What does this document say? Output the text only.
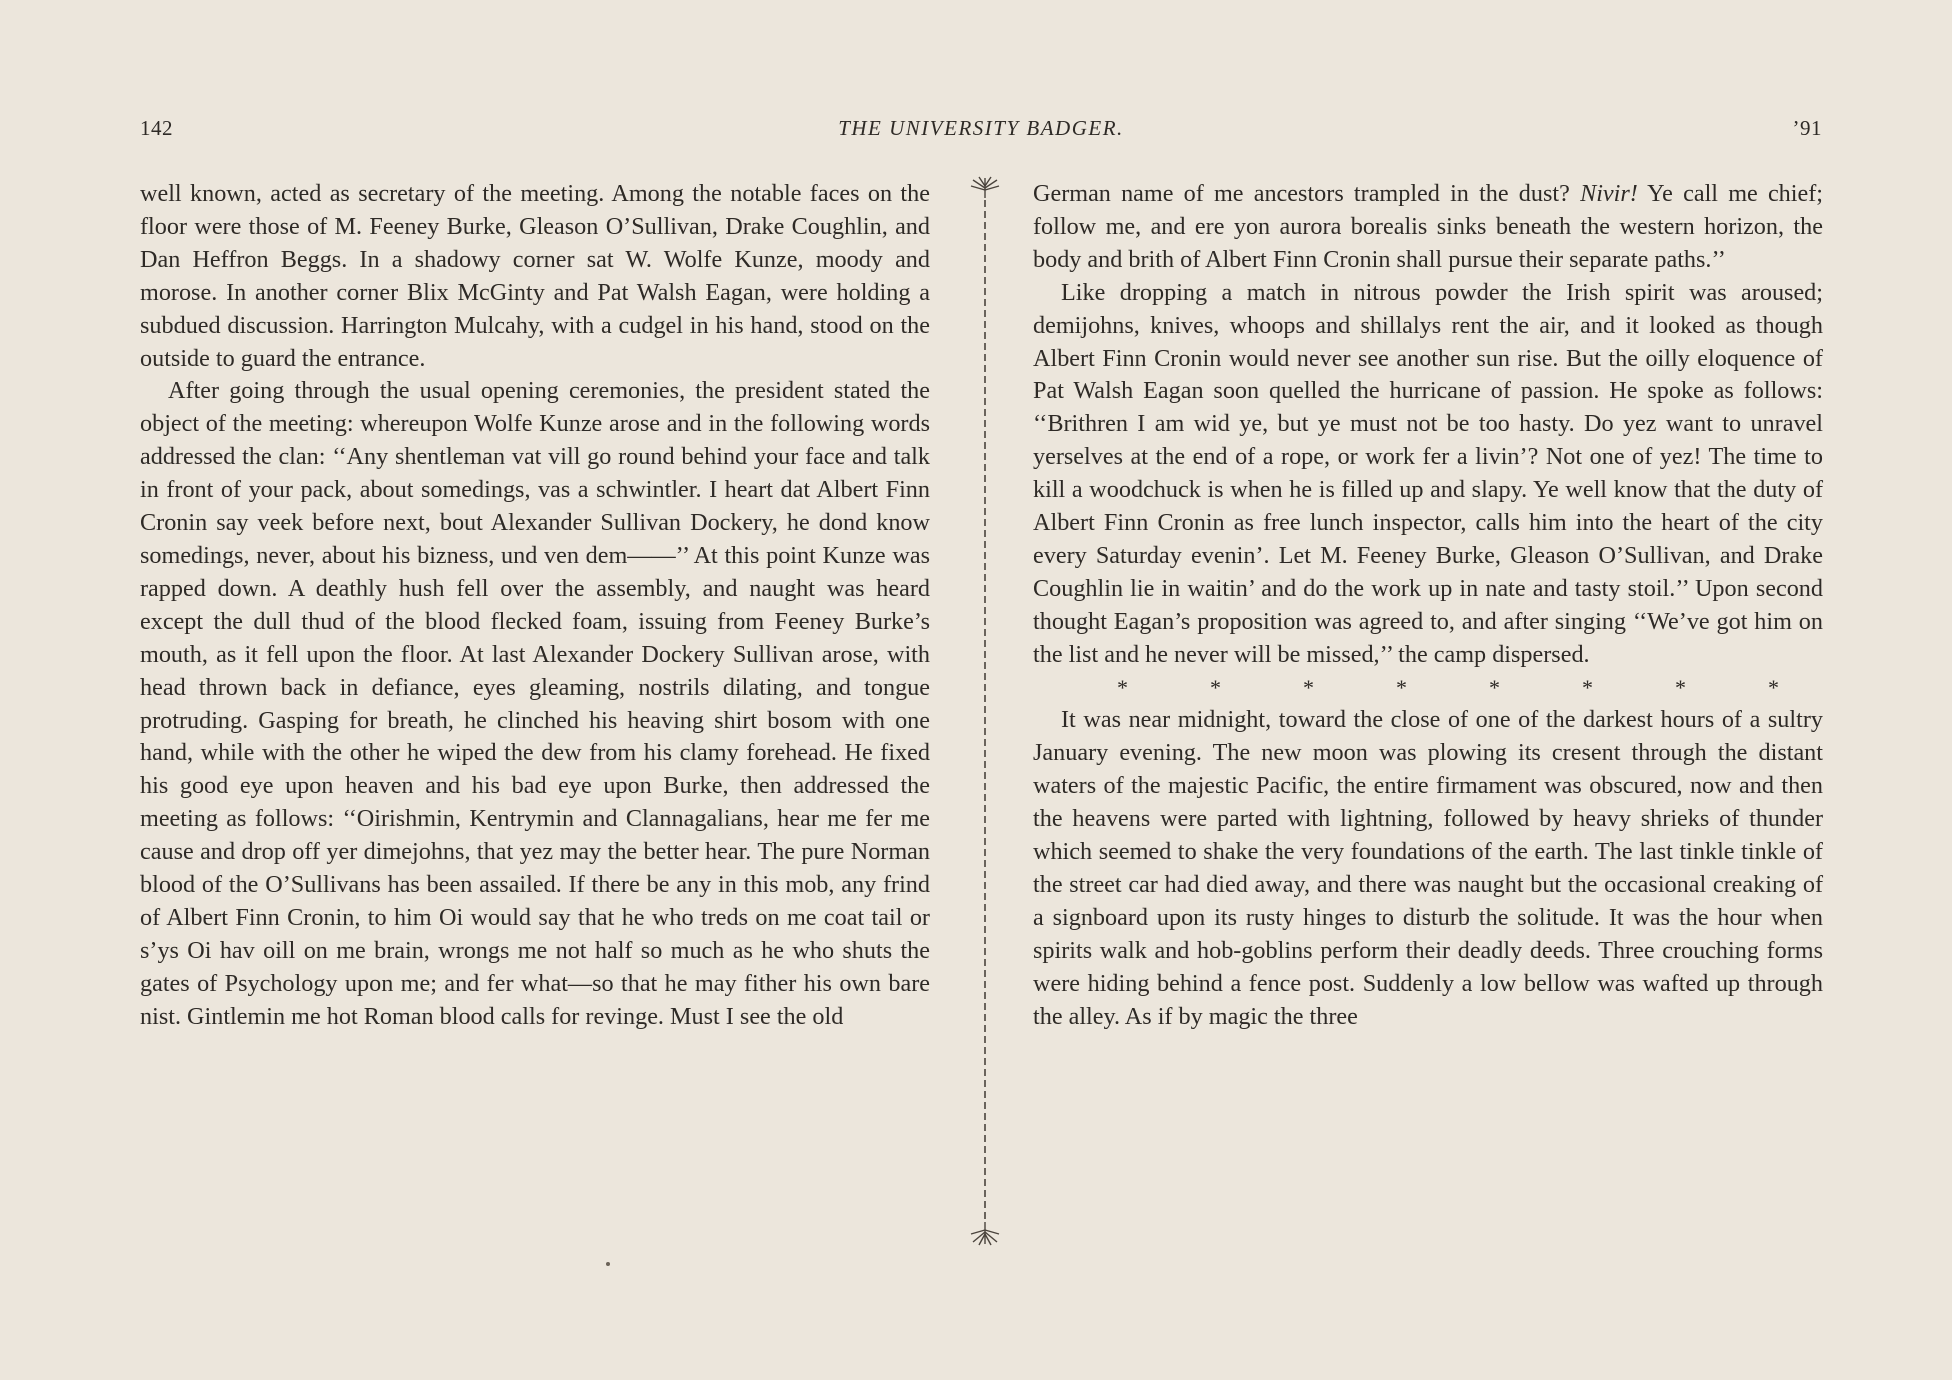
142	THE UNIVERSITY BADGER.	’91

well known, acted as secretary of the meeting. Among the notable faces on the floor were those of M. Feeney Burke, Gleason O’Sullivan, Drake Coughlin, and Dan Heffron Beggs. In a shadowy corner sat W. Wolfe Kunze, moody and morose. In another corner Blix McGinty and Pat Walsh Eagan, were holding a subdued discussion. Harrington Mulcahy, with a cudgel in his hand, stood on the outside to guard the entrance.

After going through the usual opening ceremonies, the president stated the object of the meeting: whereupon Wolfe Kunze arose and in the following words addressed the clan: ‘‘Any shentleman vat vill go round behind your face and talk in front of your pack, about somedings, vas a schwintler. I heart dat Albert Finn Cronin say veek before next, bout Alexander Sullivan Dockery, he dond know somedings, never, about his bizness, und ven dem——’’ At this point Kunze was rapped down. A deathly hush fell over the assembly, and naught was heard except the dull thud of the blood flecked foam, issuing from Feeney Burke’s mouth, as it fell upon the floor. At last Alexander Dockery Sullivan arose, with head thrown back in defiance, eyes gleaming, nostrils dilating, and tongue protruding. Gasping for breath, he clinched his heaving shirt bosom with one hand, while with the other he wiped the dew from his clamy forehead. He fixed his good eye upon heaven and his bad eye upon Burke, then addressed the meeting as follows: ‘‘Oirishmin, Kentrymin and Clannagalians, hear me fer me cause and drop off yer dimejohns, that yez may the better hear. The pure Norman blood of the O’Sullivans has been assailed. If there be any in this mob, any frind of Albert Finn Cronin, to him Oi would say that he who treds on me coat tail or s’ys Oi hav oill on me brain, wrongs me not half so much as he who shuts the gates of Psychology upon me; and fer what—so that he may fither his own bare nist. Gintlemin me hot Roman blood calls for revinge. Must I see the old

German name of me ancestors trampled in the dust? Nivir! Ye call me chief; follow me, and ere yon aurora borealis sinks beneath the western horizon, the body and brith of Albert Finn Cronin shall pursue their separate paths.’’

Like dropping a match in nitrous powder the Irish spirit was aroused; demijohns, knives, whoops and shillalys rent the air, and it looked as though Albert Finn Cronin would never see another sun rise. But the oilly eloquence of Pat Walsh Eagan soon quelled the hurricane of passion. He spoke as follows: ‘‘Brithren I am wid ye, but ye must not be too hasty. Do yez want to unravel yerselves at the end of a rope, or work fer a livin’? Not one of yez! The time to kill a woodchuck is when he is filled up and slapy. Ye well know that the duty of Albert Finn Cronin as free lunch inspector, calls him into the heart of the city every Saturday evenin’. Let M. Feeney Burke, Gleason O’Sullivan, and Drake Coughlin lie in waitin’ and do the work up in nate and tasty stoil.’’ Upon second thought Eagan’s proposition was agreed to, and after singing ‘‘We’ve got him on the list and he never will be missed,’’ the camp dispersed.

*	*	*	*	*	*	*	*

It was near midnight, toward the close of one of the darkest hours of a sultry January evening. The new moon was plowing its cresent through the distant waters of the majestic Pacific, the entire firmament was obscured, now and then the heavens were parted with lightning, followed by heavy shrieks of thunder which seemed to shake the very foundations of the earth. The last tinkle tinkle of the street car had died away, and there was naught but the occasional creaking of a signboard upon its rusty hinges to disturb the solitude. It was the hour when spirits walk and hob-goblins perform their deadly deeds. Three crouching forms were hiding behind a fence post. Suddenly a low bellow was wafted up through the alley. As if by magic the three
